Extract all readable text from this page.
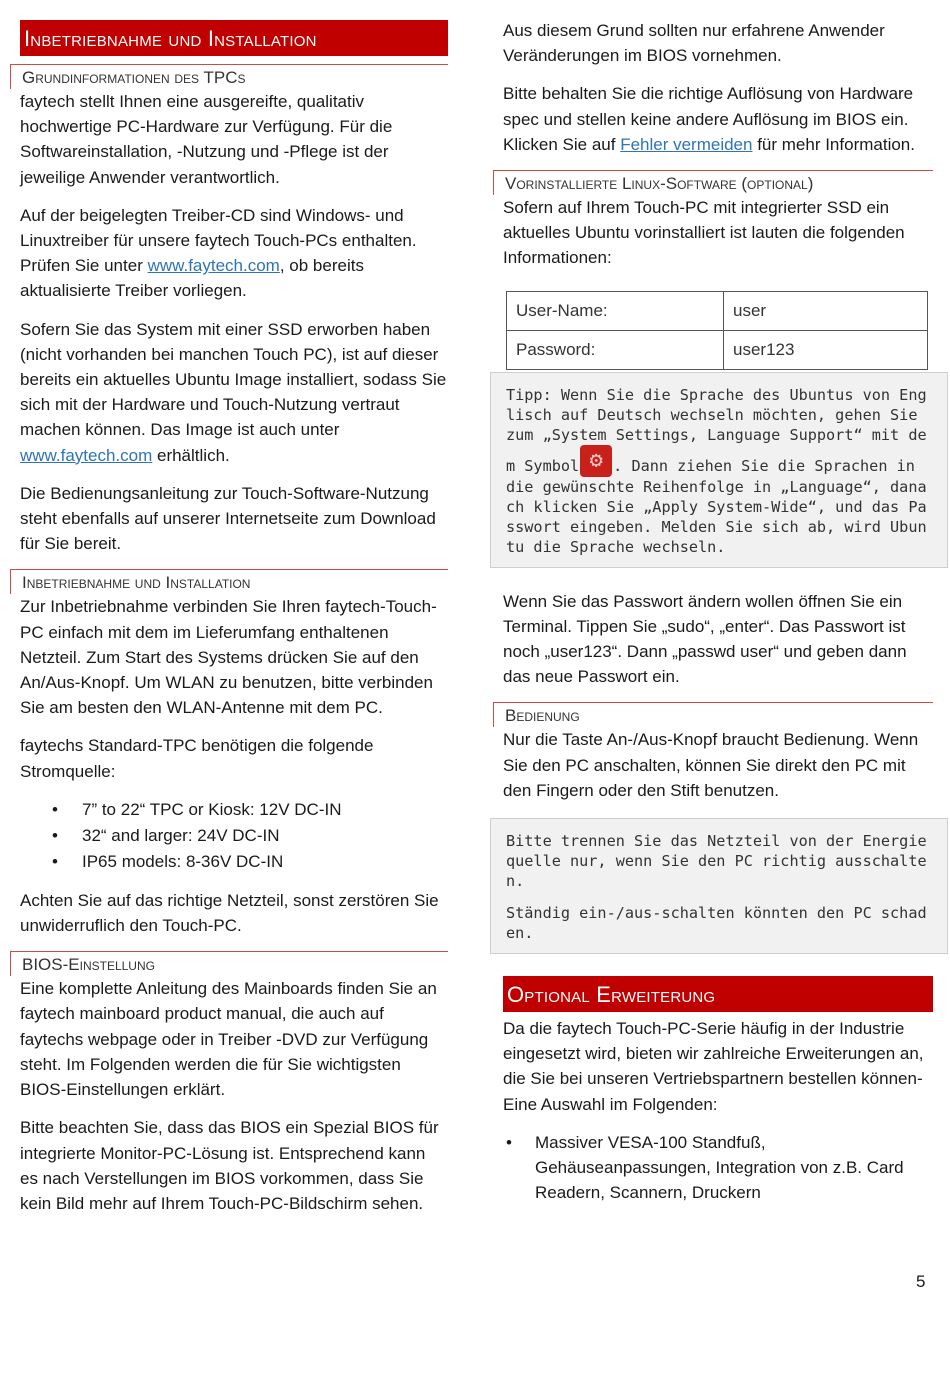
Inbetriebnahme und Installation
Grundinformationen des TPCs

faytech stellt Ihnen eine ausgereifte, qualitativ hochwertige PC-Hardware zur Verfügung. Für die Softwareinstallation, -Nutzung und -Pflege ist der jeweilige Anwender verantwortlich.

Auf der beigelegten Treiber-CD sind Windows- und Linuxtreiber für unsere faytech Touch-PCs enthalten. Prüfen Sie unter www.faytech.com, ob bereits aktualisierte Treiber vorliegen.

Sofern Sie das System mit einer SSD erworben haben (nicht vorhanden bei manchen Touch PC), ist auf dieser bereits ein aktuelles Ubuntu Image installiert, sodass Sie sich mit der Hardware und Touch-Nutzung vertraut machen können. Das Image ist auch unter www.faytech.com erhältlich.

Die Bedienungsanleitung zur Touch-Software-Nutzung steht ebenfalls auf unserer Internetseite zum Download für Sie bereit.

Inbetriebnahme und Installation

Zur Inbetriebnahme verbinden Sie Ihren faytech-Touch-PC einfach mit dem im Lieferumfang enthaltenen Netzteil. Zum Start des Systems drücken Sie auf den An/Aus-Knopf. Um WLAN zu benutzen, bitte verbinden Sie am besten den WLAN-Antenne mit dem PC.

faytechs Standard-TPC benötigen die folgende Stromquelle:

• 7” to 22“ TPC or Kiosk: 12V DC-IN
• 32“ and larger: 24V DC-IN
• IP65 models: 8-36V DC-IN

Achten Sie auf das richtige Netzteil, sonst zerstören Sie unwiderruflich den Touch-PC.

BIOS-Einstellung

Eine komplette Anleitung des Mainboards finden Sie an faytech mainboard product manual, die auch auf faytechs webpage oder in Treiber -DVD zur Verfügung steht. Im Folgenden werden die für Sie wichtigsten BIOS-Einstellungen erklärt.

Bitte beachten Sie, dass das BIOS ein Spezial BIOS für integrierte Monitor-PC-Lösung ist. Entsprechend kann es nach Verstellungen im BIOS vorkommen, dass Sie kein Bild mehr auf Ihrem Touch-PC-Bildschirm sehen.

Aus diesem Grund sollten nur erfahrene Anwender Veränderungen im BIOS vornehmen.

Bitte behalten Sie die richtige Auflösung von Hardware spec und stellen keine andere Auflösung im BIOS ein. Klicken Sie auf Fehler vermeiden für mehr Information.

Vorinstallierte Linux-Software (optional)

Sofern auf Ihrem Touch-PC mit integrierter SSD ein aktuelles Ubuntu vorinstalliert ist lauten die folgenden Informationen:

User-Name:	user
Password:	user123
Tipp: Wenn Sie die Sprache des Ubuntus von Englisch auf Deutsch wechseln möchten, gehen Sie zum „System Settings, Language Support“ mit dem Symbol ⚙ . Dann ziehen Sie die Sprachen in die gewünschte Reihenfolge in „Language“, danach klicken Sie „Apply System-Wide“, und das Passwort eingeben. Melden Sie sich ab, wird Ubuntu die Sprache wechseln.

Wenn Sie das Passwort ändern wollen öffnen Sie ein Terminal. Tippen Sie „sudo“, „enter“. Das Passwort ist noch „user123“. Dann „passwd user“ und geben dann das neue Passwort ein.

Bedienung

Nur die Taste An-/Aus-Knopf braucht Bedienung. Wenn Sie den PC anschalten, können Sie direkt den PC mit den Fingern oder den Stift benutzen.

Bitte trennen Sie das Netzteil von der Energiequelle nur, wenn Sie den PC richtig ausschalten.
Ständig ein-/aus-schalten könnten den PC schaden.
Optional Erweiterung

Da die faytech Touch-PC-Serie häufig in der Industrie eingesetzt wird, bieten wir zahlreiche Erweiterungen an, die Sie bei unseren Vertriebspartnern bestellen können- Eine Auswahl im Folgenden:

• Massiver VESA-100 Standfuß, Gehäuseanpassungen, Integration von z.B. Card Readern, Scannern, Druckern
5
